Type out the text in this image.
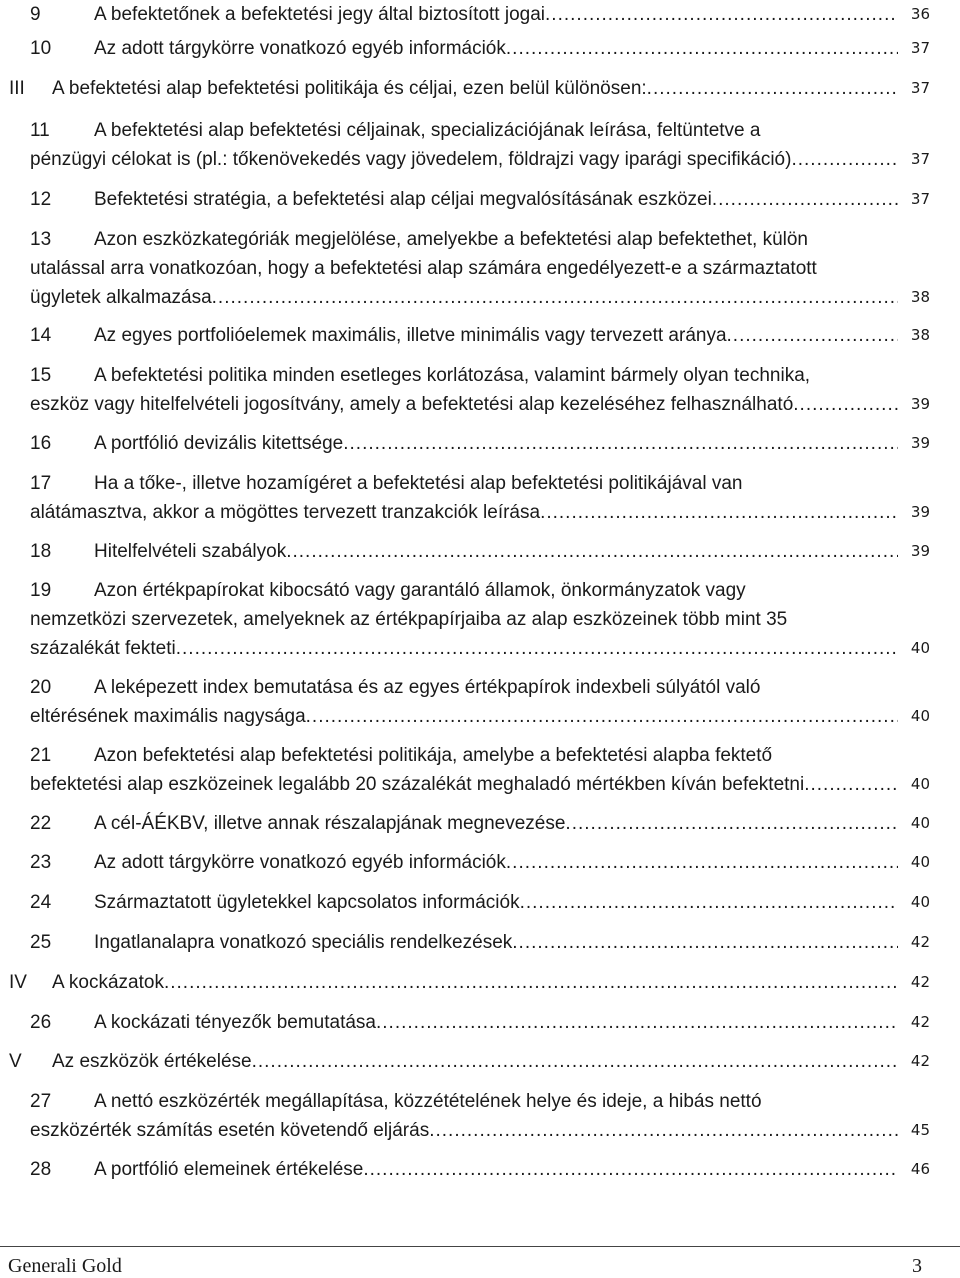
9	A befektetőnek a befektetési jegy által biztosított jogai .....	36
10 Az adott tárgykörre vonatkozó egyéb információk .....	37
III A befektetési alap befektetési politikája és céljai, ezen belül különösen: .....	37
11 A befektetési alap befektetési céljainak, specializációjának leírása, feltüntetve a
pénzügyi célokat is (pl.: tőkenövekedés vagy jövedelem, földrajzi vagy iparági specifikáció) .....	37
12 Befektetési stratégia, a befektetési alap céljai megvalósításának eszközei .....	37
13 Azon eszközkategóriák megjelölése, amelyekbe a befektetési alap befektethet, külön
utalással arra vonatkozóan, hogy a befektetési alap számára engedélyezett-e a származtatott
ügyletek alkalmazása .....	38
14 Az egyes portfolióelemek maximális, illetve minimális vagy tervezett aránya .....	38
15 A befektetési politika minden esetleges korlátozása, valamint bármely olyan technika,
eszköz vagy hitelfelvételi jogosítvány, amely a befektetési alap kezeléséhez felhasználható .....	39
16 A portfólió devizális kitettsége .....	39
17 Ha a tőke-, illetve hozamígéret a befektetési alap befektetési politikájával van
alátámasztva, akkor a mögöttes tervezett tranzakciók leírása .....	39
18 Hitelfelvételi szabályok .....	39
19 Azon értékpapírokat kibocsátó vagy garantáló államok, önkormányzatok vagy
nemzetközi szervezetek, amelyeknek az értékpapírjaiba az alap eszközeinek több mint 35
százalékát fekteti .....	40
20 A leképezett index bemutatása és az egyes értékpapírok indexbeli súlyától való
eltérésének maximális nagysága .....	40
21 Azon befektetési alap befektetési politikája, amelybe a befektetési alapba fektető
befektetési alap eszközeinek legalább 20 százalékát meghaladó mértékben kíván befektetni .....	40
22 A cél-ÁÉKBV, illetve annak részalapjának megnevezése .....	40
23 Az adott tárgykörre vonatkozó egyéb információk .....	40
24 Származtatott ügyletekkel kapcsolatos információk .....	40
25 Ingatlanalapra vonatkozó speciális rendelkezések .....	42
IV A kockázatok .....	42
26 A kockázati tényezők bemutatása .....	42
V Az eszközök értékelése .....	42
27 A nettó eszközérték megállapítása, közzétételének helye és ideje, a hibás nettó
eszközérték számítás esetén követendő eljárás .....	45
28 A portfólió elemeinek értékelése .....	46
Generali Gold	3
